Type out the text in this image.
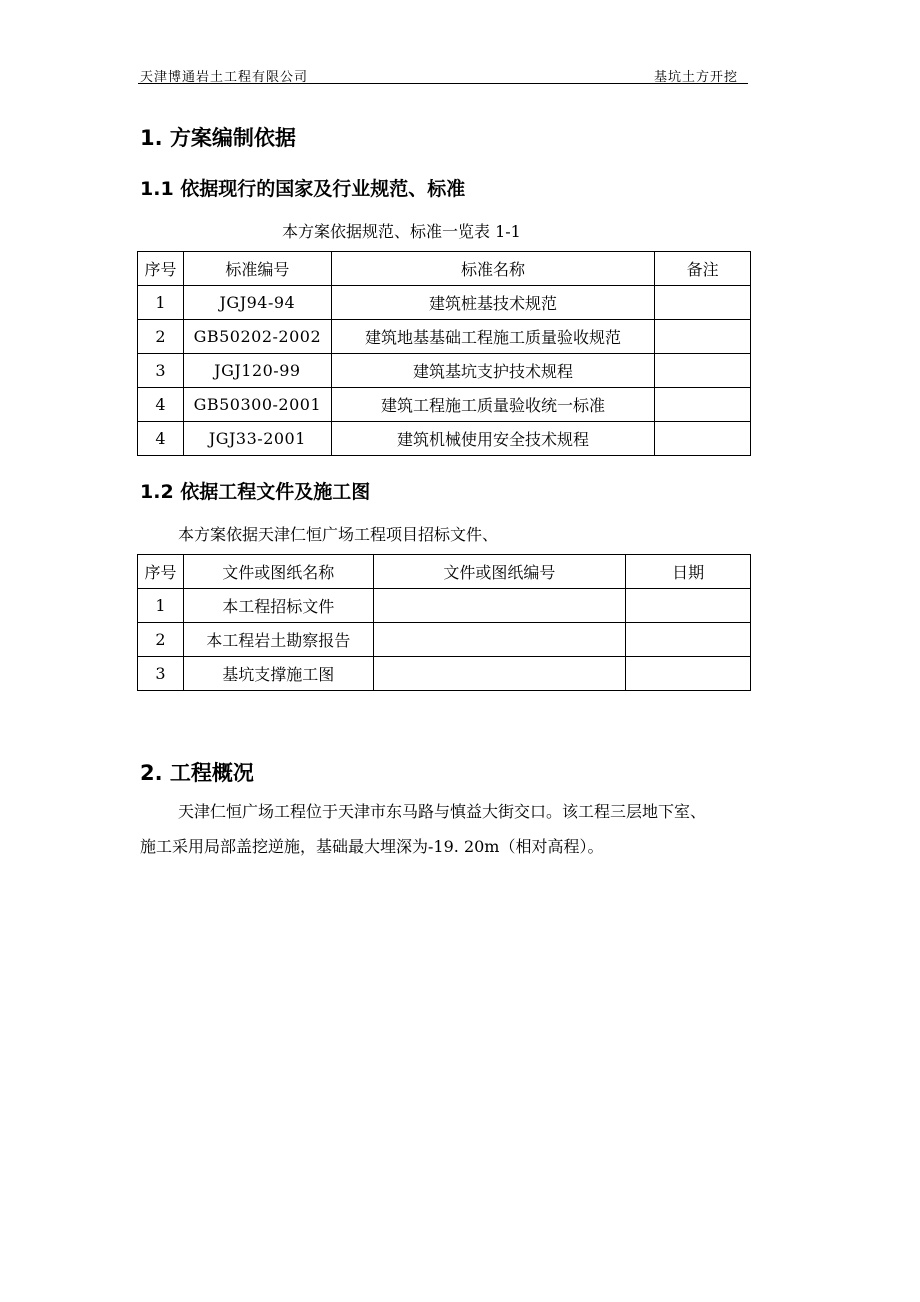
天津博通岩土工程有限公司	基坑土方开挖
1. 方案编制依据
1.1 依据现行的国家及行业规范、标准
本方案依据规范、标准一览表 1-1
序号	标准编号	标准名称	备注
1	JGJ94-94	建筑桩基技术规范	
2	GB50202-2002	建筑地基基础工程施工质量验收规范	
3	JGJ120-99	建筑基坑支护技术规程	
4	GB50300-2001	建筑工程施工质量验收统一标准	
4	JGJ33-2001	建筑机械使用安全技术规程	
1.2 依据工程文件及施工图
本方案依据天津仁恒广场工程项目招标文件、
序号	文件或图纸名称	文件或图纸编号	日期
1	本工程招标文件		
2	本工程岩土勘察报告		
3	基坑支撑施工图		
2. 工程概况
天津仁恒广场工程位于天津市东马路与慎益大街交口。该工程三层地下室、
施工采用局部盖挖逆施，基础最大埋深为-19. 20m（相对高程）。
